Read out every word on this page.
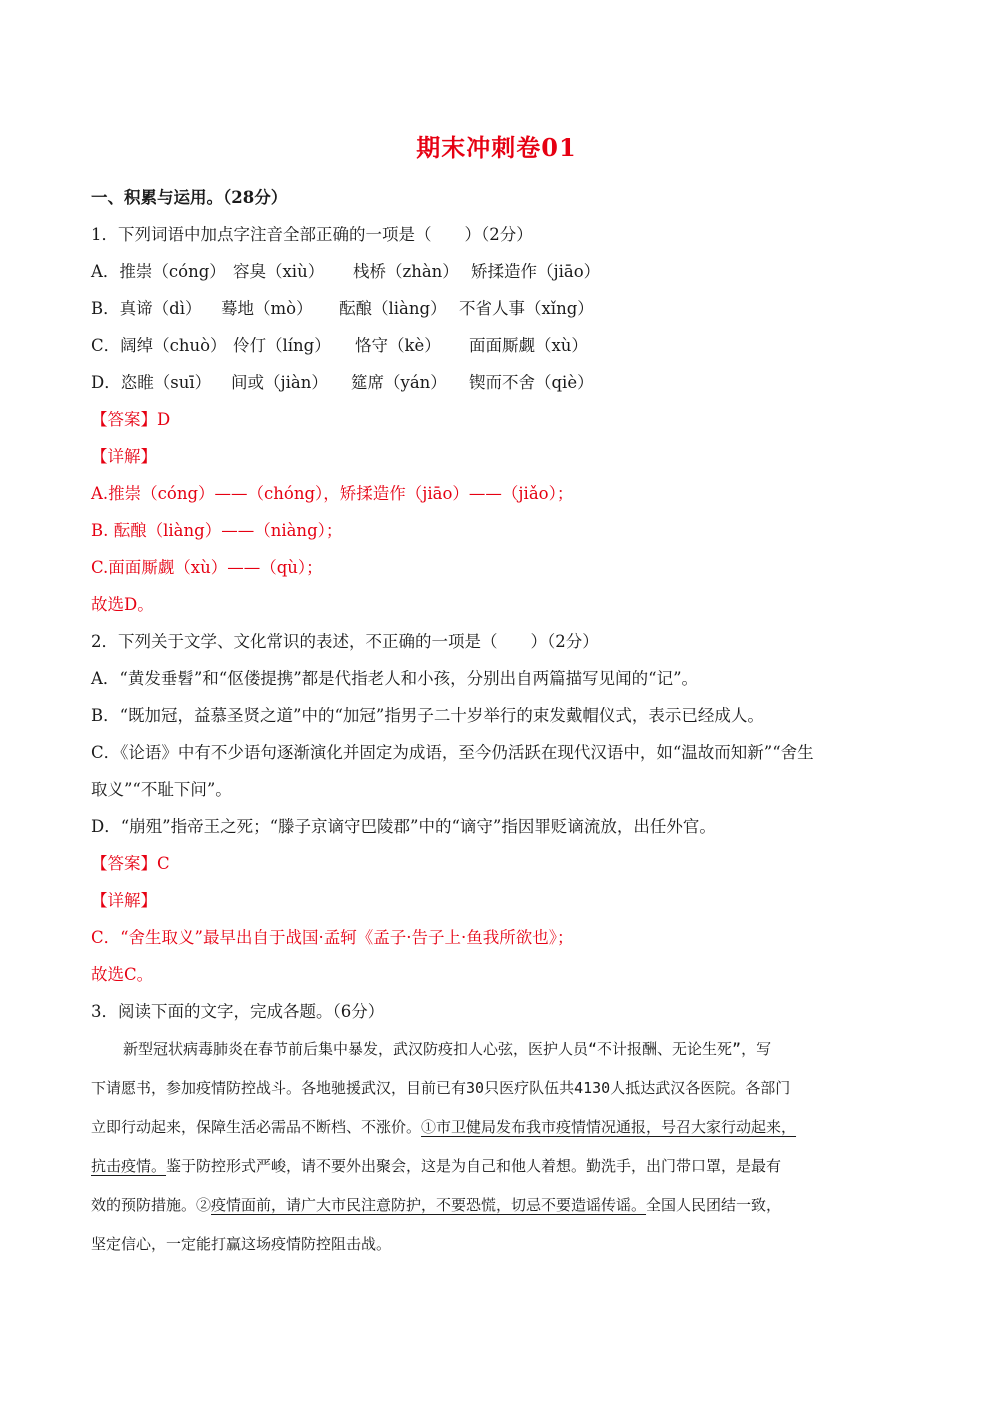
期末冲刺卷01

一、积累与运用。（28分）

1．下列词语中加点字注音全部正确的一项是（　　）（2分）

A．推崇（cóng） 容臭（xiù） 栈桥（zhàn） 矫揉造作（jiāo）

B．真谛（dì） 蓦地（mò） 酝酿（liàng） 不省人事（xǐng）

C．阔绰（chuò） 伶仃（líng） 恪守（kè） 面面厮觑（xù）

D．恣睢（suī） 间或（jiàn） 筵席（yán） 锲而不舍（qiè）

【答案】D

【详解】

A.推崇（cóng）——（chóng），矫揉造作（jiāo）——（jiǎo）；

B. 酝酿（liàng）——（niàng）；

C.面面厮觑（xù）——（qù）；

故选D。

2．下列关于文学、文化常识的表述，不正确的一项是（　　）（2分）

A．“黄发垂髫”和“伛偻提携”都是代指老人和小孩，分别出自两篇描写见闻的“记”。

B．“既加冠，益慕圣贤之道”中的“加冠”指男子二十岁举行的束发戴帽仪式，表示已经成人。

C．《论语》中有不少语句逐渐演化并固定为成语，至今仍活跃在现代汉语中，如“温故而知新”“舍生

取义”“不耻下问”。

D．“崩殂”指帝王之死；“滕子京谪守巴陵郡”中的“谪守”指因罪贬谪流放，出任外官。

【答案】C

【详解】

C．“舍生取义”最早出自于战国·孟轲《孟子·告子上·鱼我所欲也》；

故选C。

3．阅读下面的文字，完成各题。（6分）

新型冠状病毒肺炎在春节前后集中暴发，武汉防疫扣人心弦，医护人员“不计报酬、无论生死”，写

下请愿书，参加疫情防控战斗。各地驰援武汉，目前已有30只医疗队伍共4130人抵达武汉各医院。各部门

立即行动起来，保障生活必需品不断档、不涨价。①市卫健局发布我市疫情情况通报，号召大家行动起来，

抗击疫情。鉴于防控形式严峻，请不要外出聚会，这是为自己和他人着想。勤洗手，出门带口罩，是最有

效的预防措施。②疫情面前，请广大市民注意防护，不要恐慌，切忌不要造谣传谣。全国人民团结一致，

坚定信心，一定能打赢这场疫情防控阻击战。
